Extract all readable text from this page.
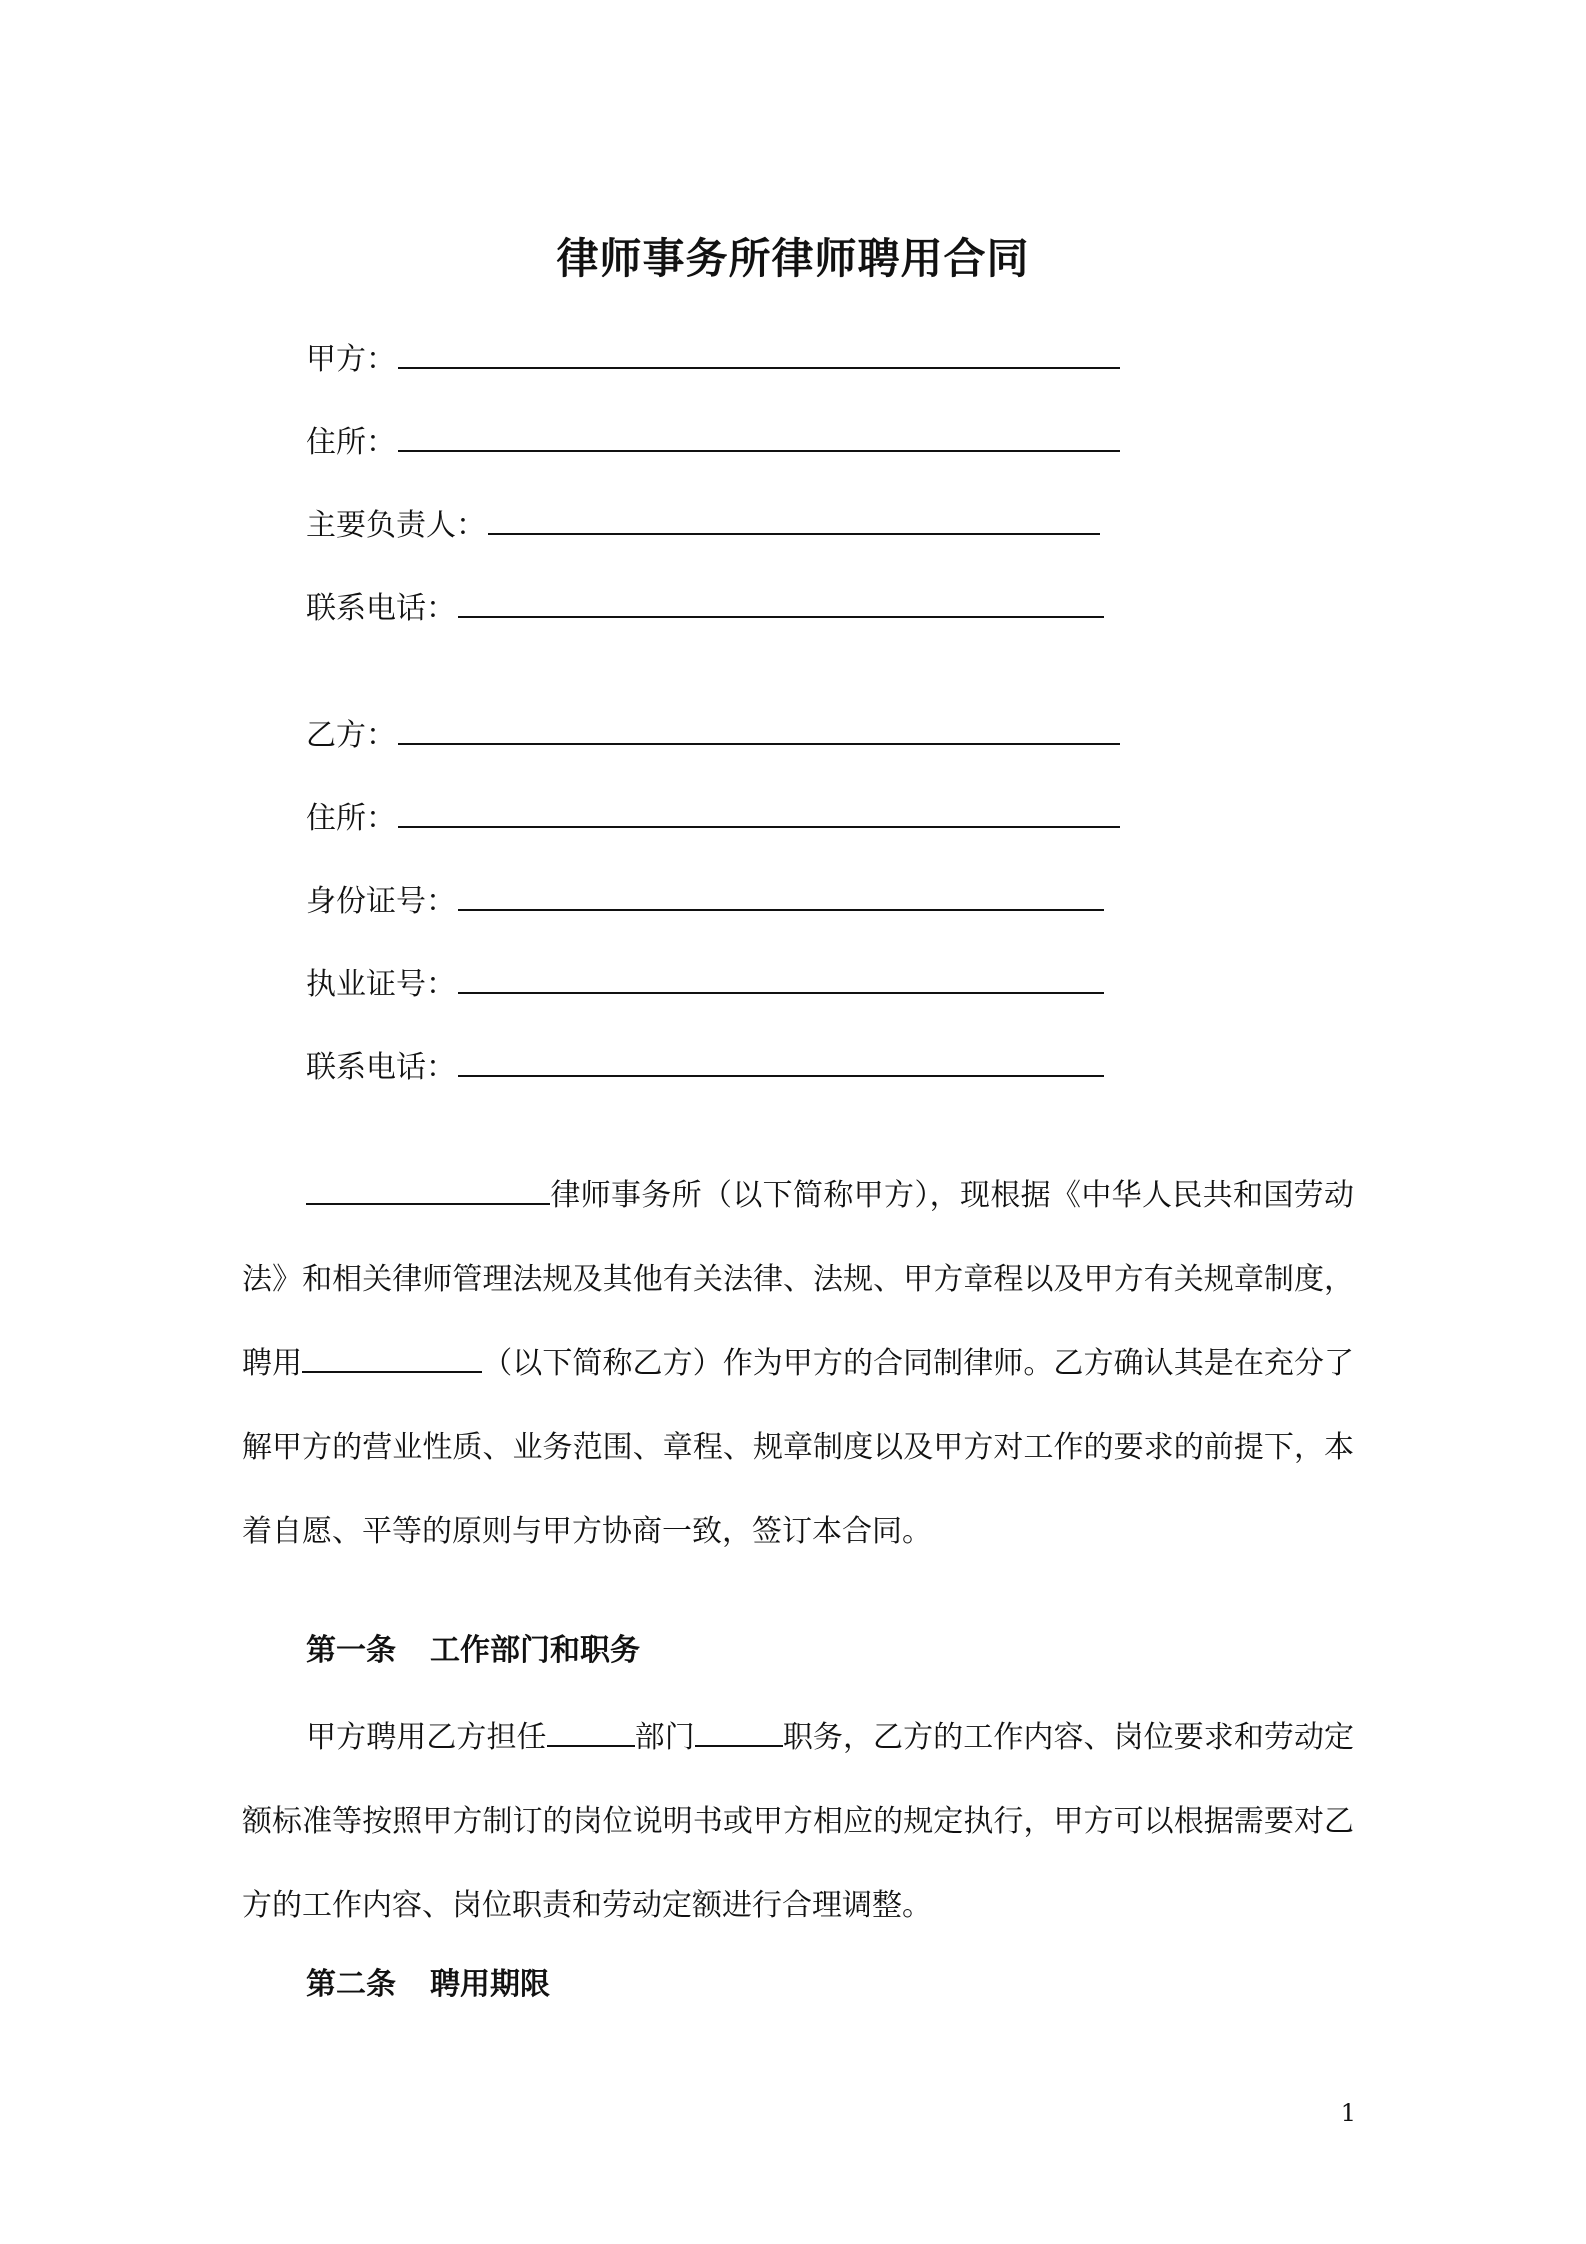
律师事务所律师聘用合同
甲方：
住所：
主要负责人：
联系电话：
乙方：
住所：
身份证号：
执业证号：
联系电话：

律师事务所（以下简称甲方），现根据《中华人民共和国劳动法》和相关律师管理法规及其他有关法律、法规、甲方章程以及甲方有关规章制度，聘用	（以下简称乙方）作为甲方的合同制律师。乙方确认其是在充分了解甲方的营业性质、业务范围、章程、规章制度以及甲方对工作的要求的前提下，本着自愿、平等的原则与甲方协商一致，签订本合同。

第一条 工作部门和职务

甲方聘用乙方担任	部门	职务，乙方的工作内容、岗位要求和劳动定额标准等按照甲方制订的岗位说明书或甲方相应的规定执行，甲方可以根据需要对乙方的工作内容、岗位职责和劳动定额进行合理调整。

第二条 聘用期限
1
